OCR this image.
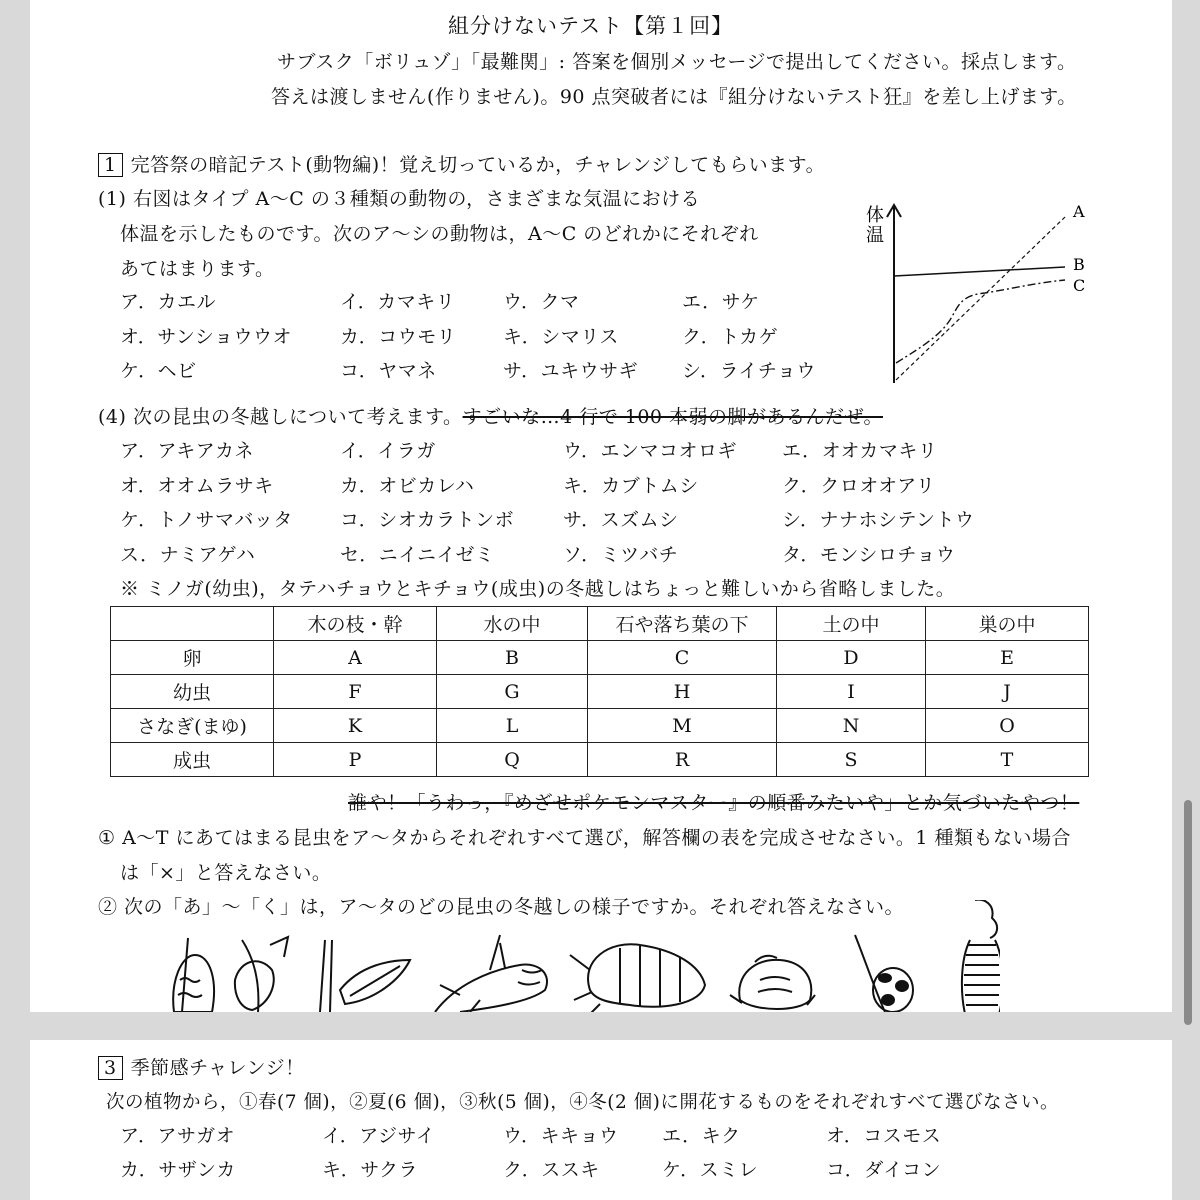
組分けないテスト【第１回】
サブスク「ボリュゾ」「最難関」: 答案を個別メッセージで提出してください。採点します。
答えは渡しません(作りません)。90 点突破者には『組分けないテスト狂』を差し上げます。
1 完答祭の暗記テスト(動物編)！覚え切っているか，チャレンジしてもらいます。
(1) 右図はタイプ A〜C の３種類の動物の，さまざまな気温における
体温を示したものです。次のア〜シの動物は，A〜C のどれかにそれぞれ
あてはまります。
ア．カエル	イ．カマキリ	ウ．クマ	エ．サケ
オ．サンショウウオ	カ．コウモリ キ．シマリス	ク．トカゲ
ケ．ヘビ	コ．ヤマネ	サ．ユキウサギ シ．ライチョウ
体
温
A
B
C
(4) 次の昆虫の冬越しについて考えます。すごいな…4 行で 100 本弱の脚があるんだぜ。
ア．アキアカネ	イ．イラガ	ウ．エンマコオロギ エ．オオカマキリ
オ．オオムラサキ	カ．オビカレハ	キ．カブトムシ	ク．クロオオアリ
ケ．トノサマバッタ コ．シオカラトンボ	サ．スズムシ	シ．ナナホシテントウ
ス．ナミアゲハ	セ．ニイニイゼミ	ソ．ミツバチ	タ．モンシロチョウ
※ ミノガ(幼虫)，タテハチョウとキチョウ(成虫)の冬越しはちょっと難しいから省略しました。
	木の枝・幹	水の中	石や落ち葉の下	土の中	巣の中
卵	A	B	C	D	E
幼虫	F	G	H	I	J
さなぎ(まゆ)	K	L	M	N	O
成虫	P	Q	R	S	T
誰や！「うわっ，『めざせポケモンマスター』の順番みたいや」とか気づいたやつ！
① A〜T にあてはまる昆虫をア〜タからそれぞれすべて選び，解答欄の表を完成させなさい。1 種類もない場合
は「×」と答えなさい。
② 次の「あ」〜「く」は，ア〜タのどの昆虫の冬越しの様子ですか。それぞれ答えなさい。
3 季節感チャレンジ！
次の植物から，①春(7 個)，②夏(6 個)，③秋(5 個)，④冬(2 個)に開花するものをそれぞれすべて選びなさい。
ア．アサガオ	イ．アジサイ	ウ．キキョウ エ．キク	オ．コスモス
カ．サザンカ	キ．サクラ	ク．ススキ	ケ．スミレ	コ．ダイコン
